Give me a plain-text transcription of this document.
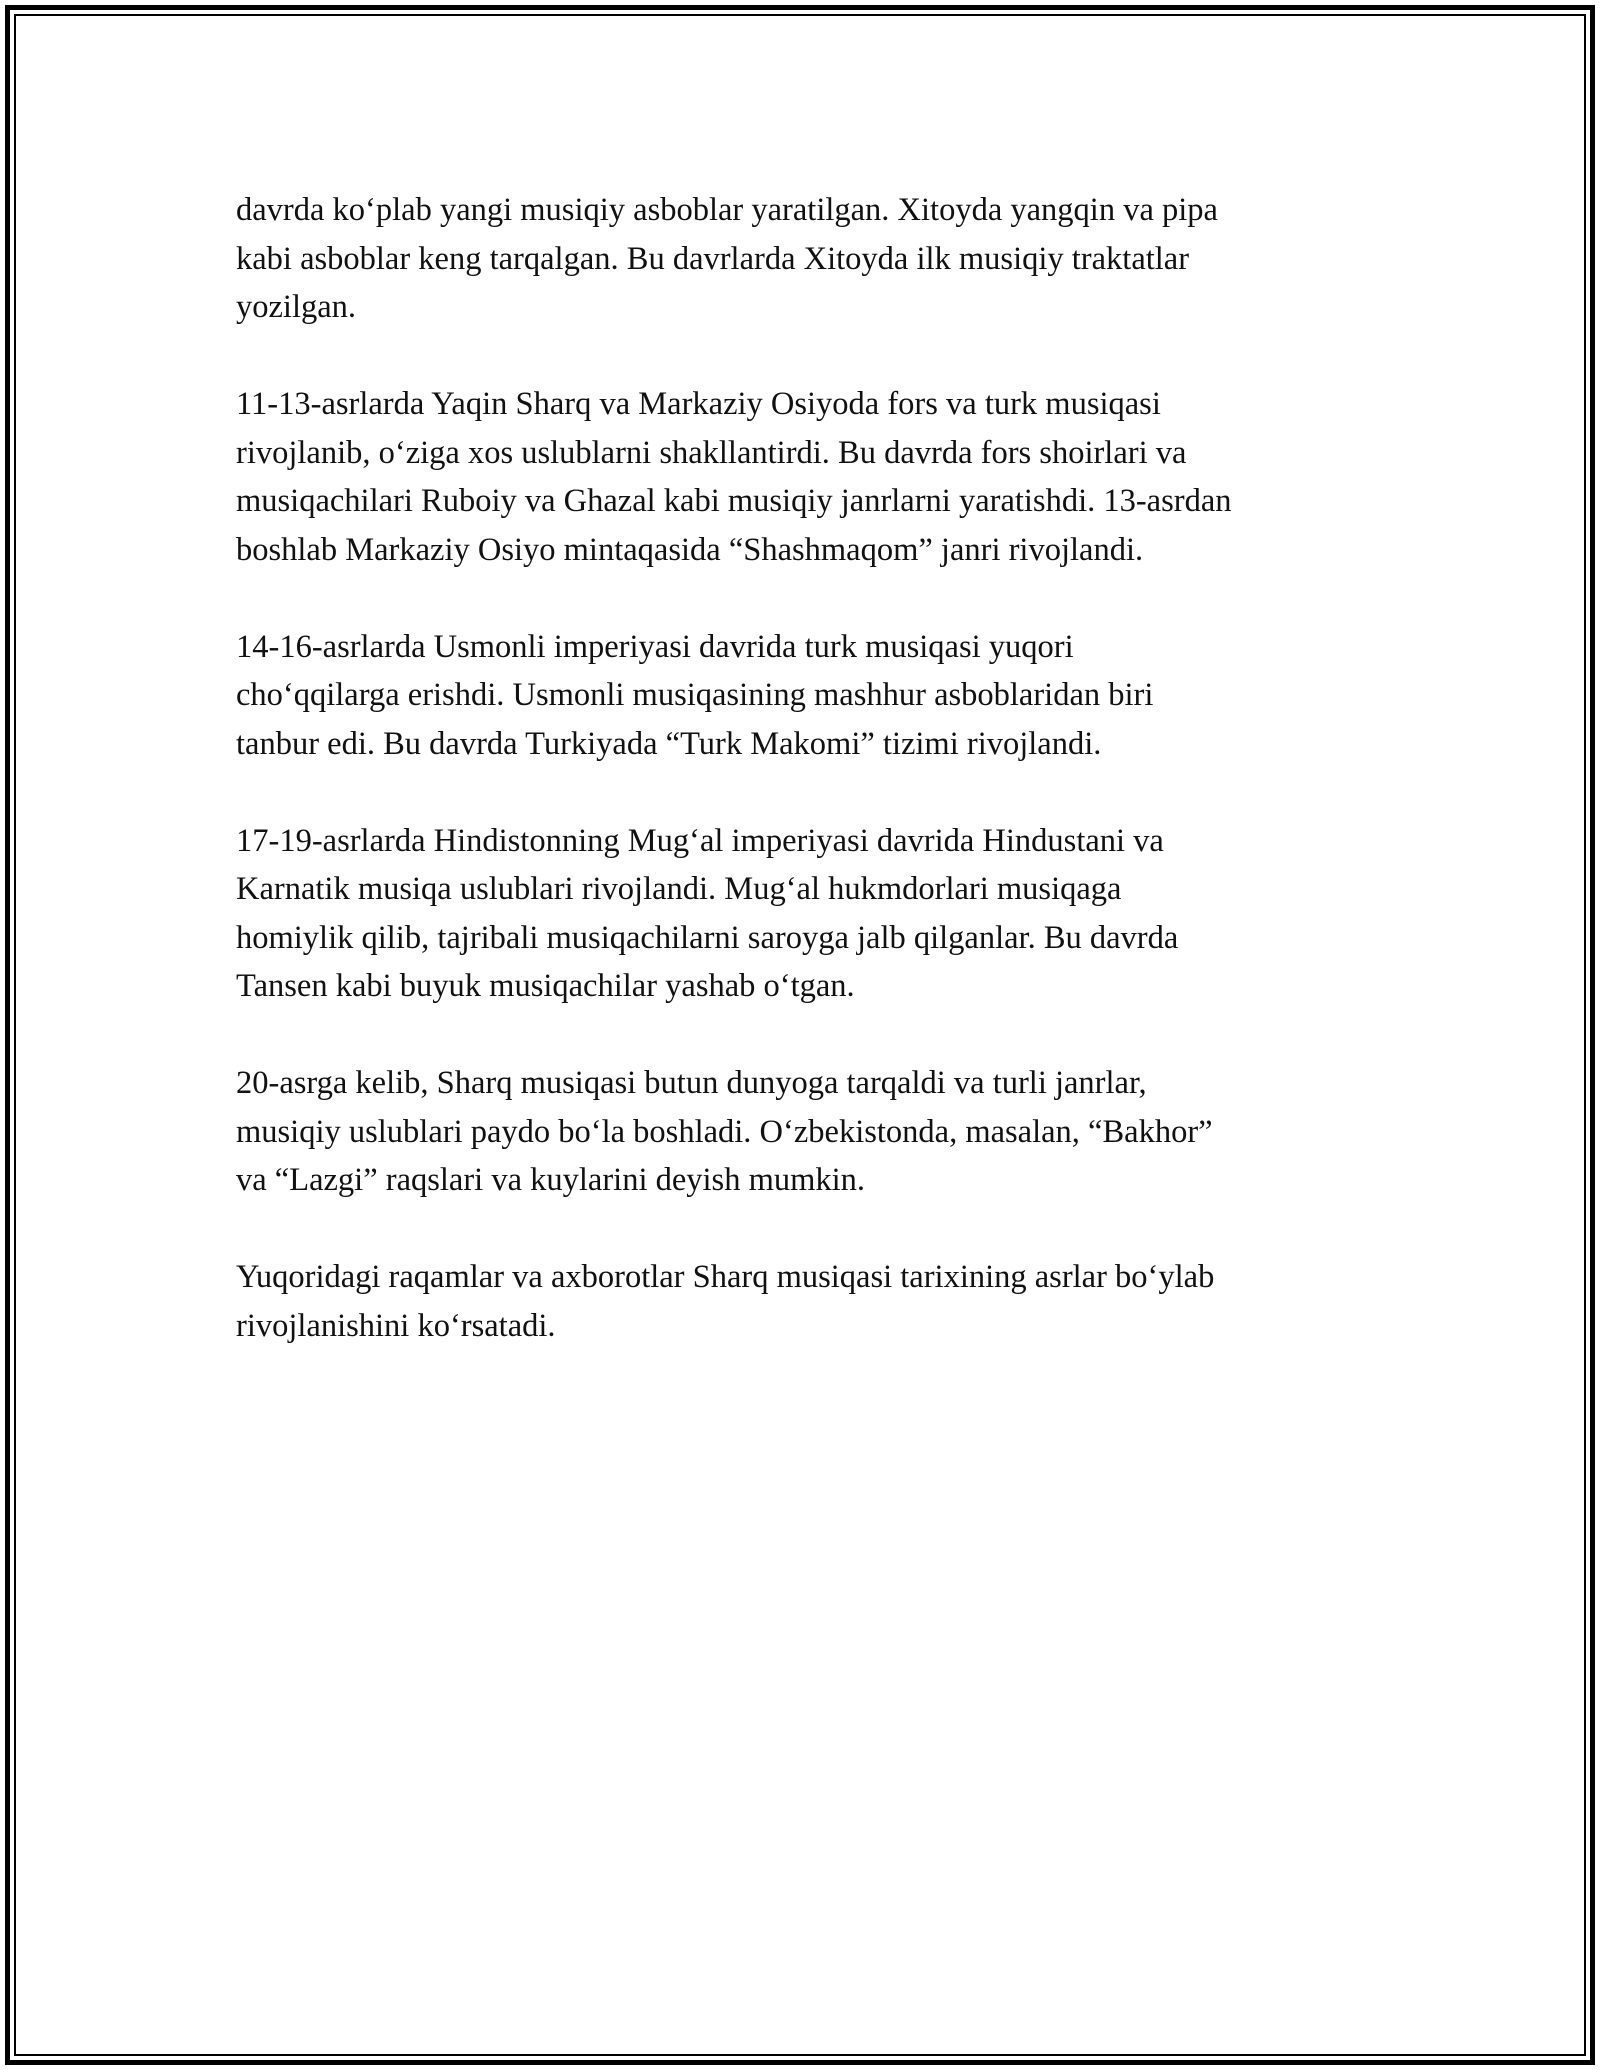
davrda ko‘plab yangi musiqiy asboblar yaratilgan. Xitoyda yangqin va pipa
kabi asboblar keng tarqalgan. Bu davrlarda Xitoyda ilk musiqiy traktatlar
yozilgan.

11-13-asrlarda Yaqin Sharq va Markaziy Osiyoda fors va turk musiqasi
rivojlanib, o‘ziga xos uslublarni shakllantirdi. Bu davrda fors shoirlari va
musiqachilari Ruboiy va Ghazal kabi musiqiy janrlarni yaratishdi. 13-asrdan
boshlab Markaziy Osiyo mintaqasida “Shashmaqom” janri rivojlandi.

14-16-asrlarda Usmonli imperiyasi davrida turk musiqasi yuqori
cho‘qqilarga erishdi. Usmonli musiqasining mashhur asboblaridan biri
tanbur edi. Bu davrda Turkiyada “Turk Makomi” tizimi rivojlandi.

17-19-asrlarda Hindistonning Mug‘al imperiyasi davrida Hindustani va
Karnatik musiqa uslublari rivojlandi. Mug‘al hukmdorlari musiqaga
homiylik qilib, tajribali musiqachilarni saroyga jalb qilganlar. Bu davrda
Tansen kabi buyuk musiqachilar yashab o‘tgan.

20-asrga kelib, Sharq musiqasi butun dunyoga tarqaldi va turli janrlar,
musiqiy uslublari paydo bo‘la boshladi. O‘zbekistonda, masalan, “Bakhor”
va “Lazgi” raqslari va kuylarini deyish mumkin.

Yuqoridagi raqamlar va axborotlar Sharq musiqasi tarixining asrlar bo‘ylab
rivojlanishini ko‘rsatadi.
